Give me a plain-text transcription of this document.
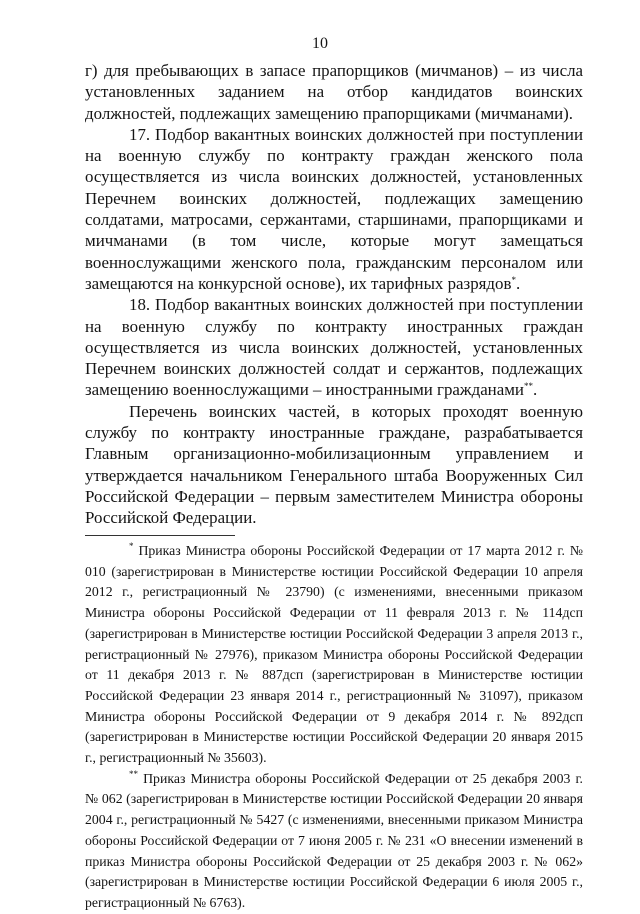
10

г) для пребывающих в запасе прапорщиков (мичманов) – из числа установленных заданием на отбор кандидатов воинских должностей, подлежащих замещению прапорщиками (мичманами).

17. Подбор вакантных воинских должностей при поступлении на военную службу по контракту граждан женского пола осуществляется из числа воинских должностей, установленных Перечнем воинских должностей, подлежащих замещению солдатами, матросами, сержантами, старшинами, прапорщиками и мичманами (в том числе, которые могут замещаться военнослужащими женского пола, гражданским персоналом или замещаются на конкурсной основе), их тарифных разрядов*.

18. Подбор вакантных воинских должностей при поступлении на военную службу по контракту иностранных граждан осуществляется из числа воинских должностей, установленных Перечнем воинских должностей солдат и сержантов, подлежащих замещению военнослужащими – иностранными гражданами**.

Перечень воинских частей, в которых проходят военную службу по контракту иностранные граждане, разрабатывается Главным организационно-мобилизационным управлением и утверждается начальником Генерального штаба Вооруженных Сил Российской Федерации – первым заместителем Министра обороны Российской Федерации.

* Приказ Министра обороны Российской Федерации от 17 марта 2012 г. № 010 (зарегистрирован в Министерстве юстиции Российской Федерации 10 апреля 2012 г., регистрационный № 23790) (с изменениями, внесенными приказом Министра обороны Российской Федерации от 11 февраля 2013 г. № 114дсп (зарегистрирован в Министерстве юстиции Российской Федерации 3 апреля 2013 г., регистрационный № 27976), приказом Министра обороны Российской Федерации от 11 декабря 2013 г. № 887дсп (зарегистрирован в Министерстве юстиции Российской Федерации 23 января 2014 г., регистрационный № 31097), приказом Министра обороны Российской Федерации от 9 декабря 2014 г. № 892дсп (зарегистрирован в Министерстве юстиции Российской Федерации 20 января 2015 г., регистрационный № 35603).

** Приказ Министра обороны Российской Федерации от 25 декабря 2003 г. № 062 (зарегистрирован в Министерстве юстиции Российской Федерации 20 января 2004 г., регистрационный № 5427 (с изменениями, внесенными приказом Министра обороны Российской Федерации от 7 июня 2005 г. № 231 «О внесении изменений в приказ Министра обороны Российской Федерации от 25 декабря 2003 г. № 062» (зарегистрирован в Министерстве юстиции Российской Федерации 6 июля 2005 г., регистрационный № 6763).
